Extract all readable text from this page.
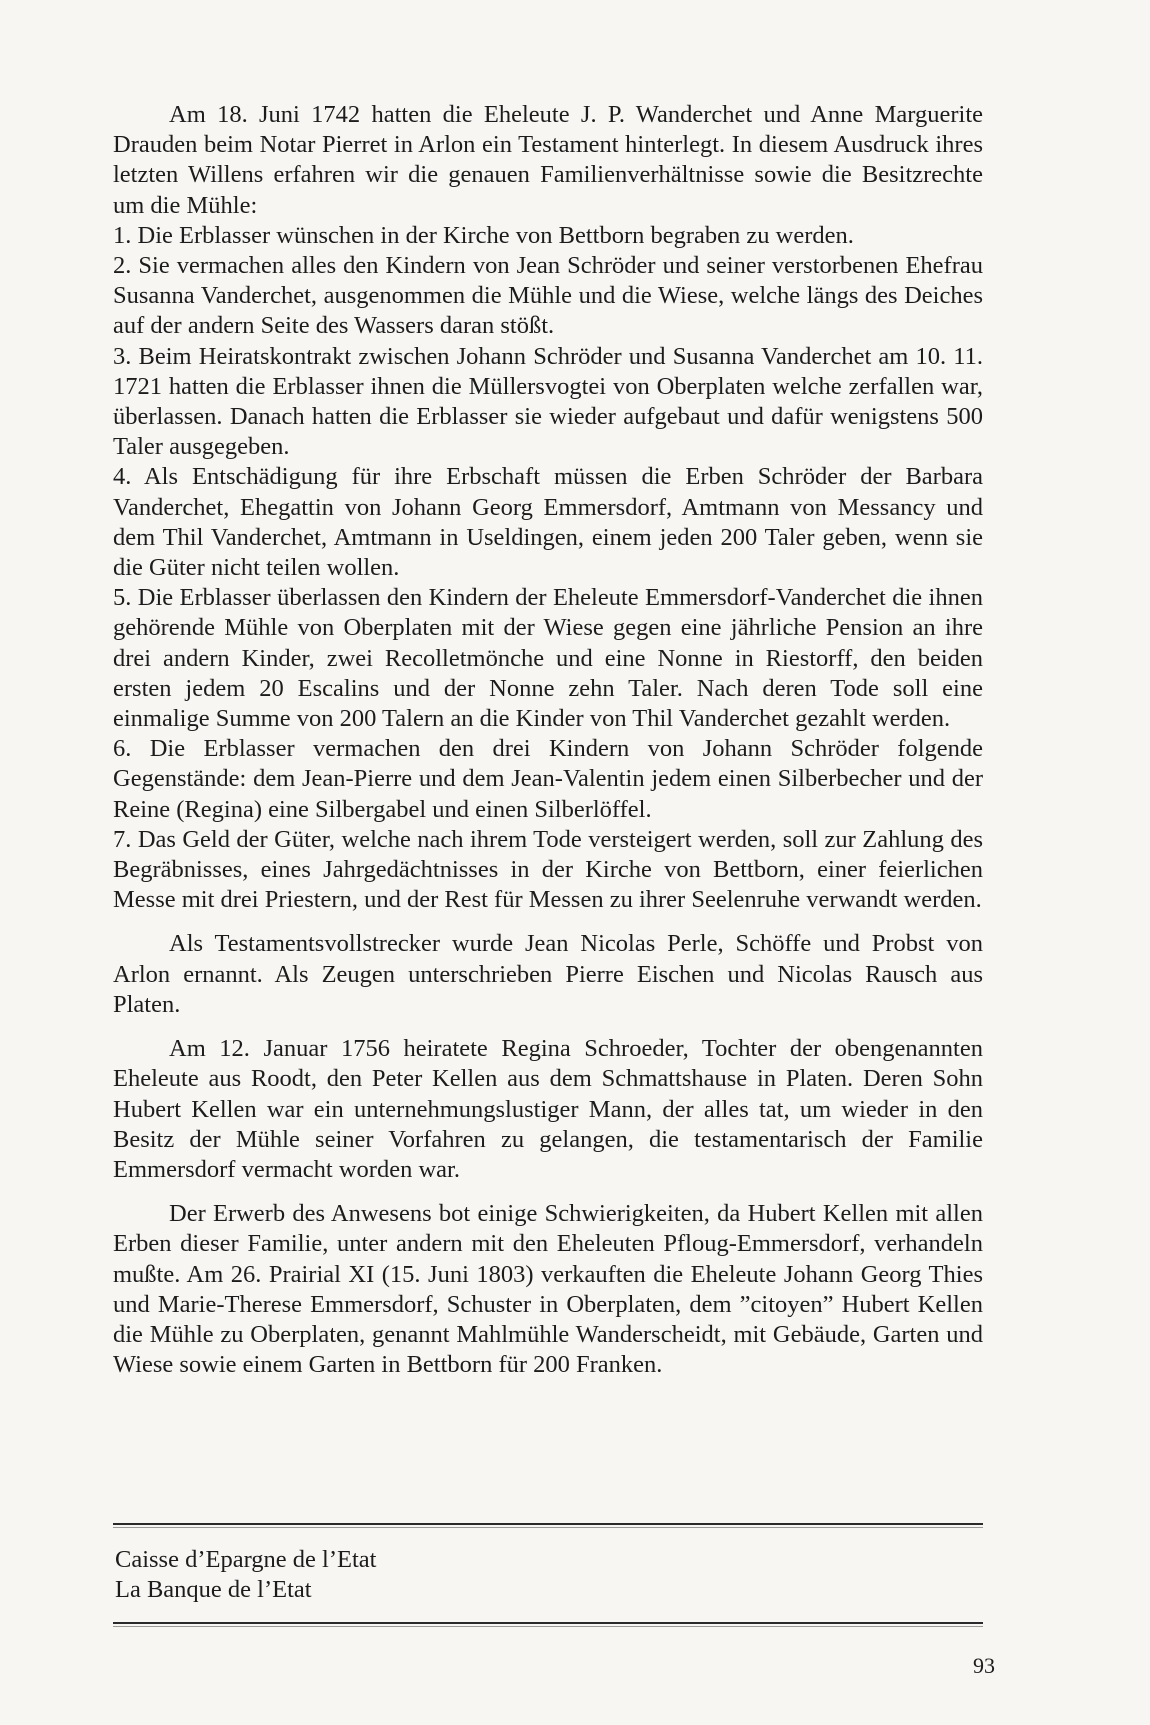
Am 18. Juni 1742 hatten die Eheleute J. P. Wanderchet und Anne Marguerite Drauden beim Notar Pierret in Arlon ein Testament hinterlegt. In diesem Ausdruck ihres letzten Willens erfahren wir die genauen Familienverhältnisse sowie die Besitzrechte um die Mühle:

1. Die Erblasser wünschen in der Kirche von Bettborn begraben zu werden.

2. Sie vermachen alles den Kindern von Jean Schröder und seiner verstorbenen Ehefrau Susanna Vanderchet, ausgenommen die Mühle und die Wiese, welche längs des Deiches auf der andern Seite des Wassers daran stößt.

3. Beim Heiratskontrakt zwischen Johann Schröder und Susanna Vanderchet am 10. 11. 1721 hatten die Erblasser ihnen die Müllersvogtei von Oberplaten welche zerfallen war, überlassen. Danach hatten die Erblasser sie wieder aufgebaut und dafür wenigstens 500 Taler ausgegeben.

4. Als Entschädigung für ihre Erbschaft müssen die Erben Schröder der Barbara Vanderchet, Ehegattin von Johann Georg Emmersdorf, Amtmann von Messancy und dem Thil Vanderchet, Amtmann in Useldingen, einem jeden 200 Taler geben, wenn sie die Güter nicht teilen wollen.

5. Die Erblasser überlassen den Kindern der Eheleute Emmersdorf-Vanderchet die ihnen gehörende Mühle von Oberplaten mit der Wiese gegen eine jährliche Pension an ihre drei andern Kinder, zwei Recolletmönche und eine Nonne in Riestorff, den beiden ersten jedem 20 Escalins und der Nonne zehn Taler. Nach deren Tode soll eine einmalige Summe von 200 Talern an die Kinder von Thil Vanderchet gezahlt werden.

6. Die Erblasser vermachen den drei Kindern von Johann Schröder folgende Gegenstände: dem Jean-Pierre und dem Jean-Valentin jedem einen Silberbecher und der Reine (Regina) eine Silbergabel und einen Silberlöffel.

7. Das Geld der Güter, welche nach ihrem Tode versteigert werden, soll zur Zahlung des Begräbnisses, eines Jahrgedächtnisses in der Kirche von Bettborn, einer feierlichen Messe mit drei Priestern, und der Rest für Messen zu ihrer Seelenruhe verwandt werden.

Als Testamentsvollstrecker wurde Jean Nicolas Perle, Schöffe und Probst von Arlon ernannt. Als Zeugen unterschrieben Pierre Eischen und Nicolas Rausch aus Platen.

Am 12. Januar 1756 heiratete Regina Schroeder, Tochter der obengenannten Eheleute aus Roodt, den Peter Kellen aus dem Schmattshause in Platen. Deren Sohn Hubert Kellen war ein unternehmungslustiger Mann, der alles tat, um wieder in den Besitz der Mühle seiner Vorfahren zu gelangen, die testamentarisch der Familie Emmersdorf vermacht worden war.

Der Erwerb des Anwesens bot einige Schwierigkeiten, da Hubert Kellen mit allen Erben dieser Familie, unter andern mit den Eheleuten Pfloug-Emmersdorf, verhandeln mußte. Am 26. Prairial XI (15. Juni 1803) verkauften die Eheleute Johann Georg Thies und Marie-Therese Emmersdorf, Schuster in Oberplaten, dem ”citoyen” Hubert Kellen die Mühle zu Oberplaten, genannt Mahlmühle Wanderscheidt, mit Gebäude, Garten und Wiese sowie einem Garten in Bettborn für 200 Franken.

Caisse d’Epargne de l’Etat
La Banque de l’Etat
93
